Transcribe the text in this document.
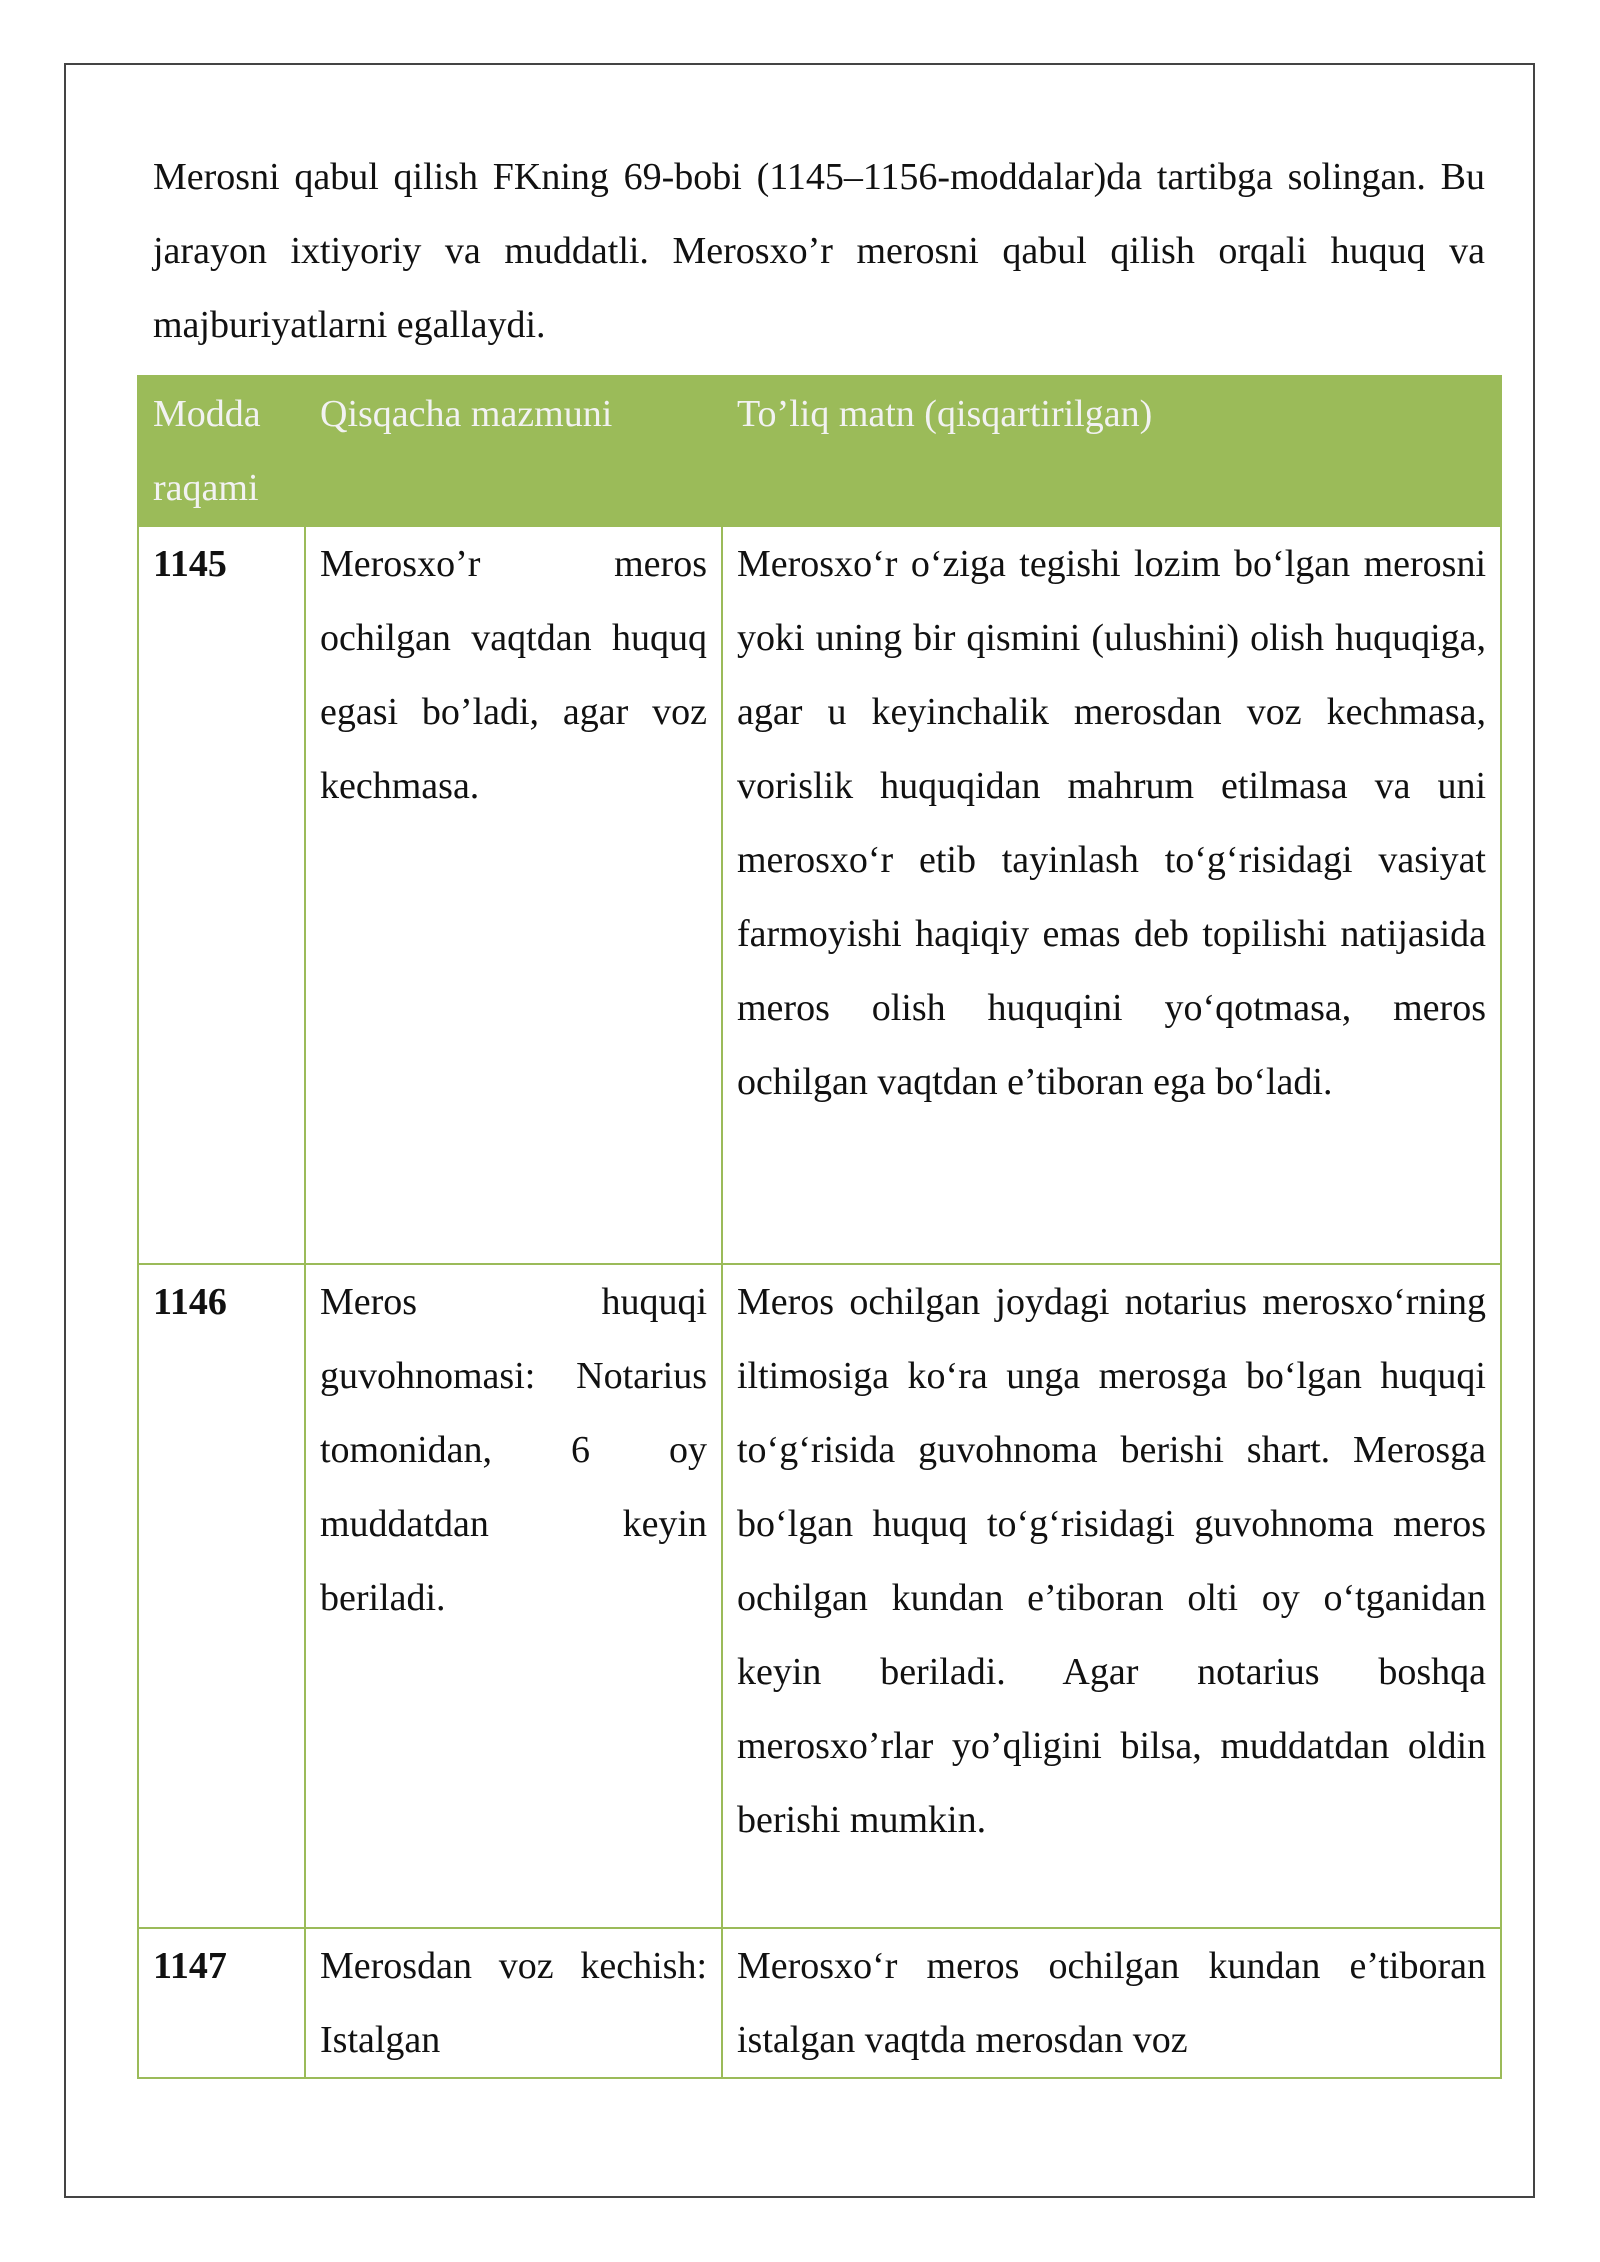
Merosni qabul qilish FKning 69-bobi (1145–1156-moddalar)da tartibga solingan. Bu jarayon ixtiyoriy va muddatli. Merosxo’r merosni qabul qilish orqali huquq va majburiyatlarni egallaydi.

Modda raqami	Qisqacha mazmuni	To’liq matn (qisqartirilgan)
1145	Merosxo’r meros ochilgan vaqtdan huquq egasi bo’ladi, agar voz kechmasa.	Merosxo‘r o‘ziga tegishi lozim bo‘lgan merosni yoki uning bir qismini (ulushini) olish huquqiga, agar u keyinchalik merosdan voz kechmasa, vorislik huquqidan mahrum etilmasa va uni merosxo‘r etib tayinlash to‘g‘risidagi vasiyat farmoyishi haqiqiy emas deb topilishi natijasida meros olish huquqini yo‘qotmasa, meros ochilgan vaqtdan e’tiboran ega bo‘ladi.
1146	Meros huquqi guvohnomasi: Notarius tomonidan, 6 oy muddatdan keyin beriladi.	Meros ochilgan joydagi notarius merosxo‘rning iltimosiga ko‘ra unga merosga bo‘lgan huquqi to‘g‘risida guvohnoma berishi shart. Merosga bo‘lgan huquq to‘g‘risidagi guvohnoma meros ochilgan kundan e’tiboran olti oy o‘tganidan keyin beriladi. Agar notarius boshqa merosxo’rlar yo’qligini bilsa, muddatdan oldin berishi mumkin.
1147	Merosdan voz kechish: Istalgan	Merosxo‘r meros ochilgan kundan e’tiboran istalgan vaqtda merosdan voz
